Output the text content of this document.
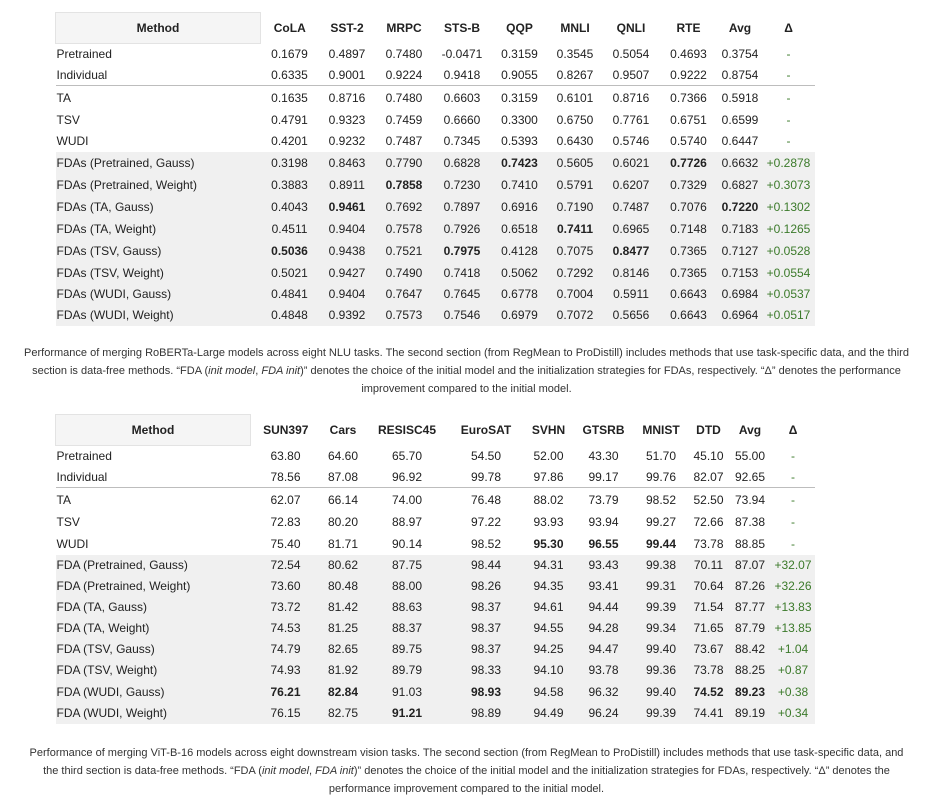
Method	CoLA	SST-2	MRPC	STS-B	QQP	MNLI	QNLI	RTE	Avg	Δ
Pretrained	0.1679	0.4897	0.7480	-0.0471	0.3159	0.3545	0.5054	0.4693	0.3754	-
Individual	0.6335	0.9001	0.9224	0.9418	0.9055	0.8267	0.9507	0.9222	0.8754	-
TA	0.1635	0.8716	0.7480	0.6603	0.3159	0.6101	0.8716	0.7366	0.5918	-
TSV	0.4791	0.9323	0.7459	0.6660	0.3300	0.6750	0.7761	0.6751	0.6599	-
WUDI	0.4201	0.9232	0.7487	0.7345	0.5393	0.6430	0.5746	0.5740	0.6447	-
FDAs (Pretrained, Gauss)	0.3198	0.8463	0.7790	0.6828	0.7423	0.5605	0.6021	0.7726	0.6632	+0.2878
FDAs (Pretrained, Weight)	0.3883	0.8911	0.7858	0.7230	0.7410	0.5791	0.6207	0.7329	0.6827	+0.3073
FDAs (TA, Gauss)	0.4043	0.9461	0.7692	0.7897	0.6916	0.7190	0.7487	0.7076	0.7220	+0.1302
FDAs (TA, Weight)	0.4511	0.9404	0.7578	0.7926	0.6518	0.7411	0.6965	0.7148	0.7183	+0.1265
FDAs (TSV, Gauss)	0.5036	0.9438	0.7521	0.7975	0.4128	0.7075	0.8477	0.7365	0.7127	+0.0528
FDAs (TSV, Weight)	0.5021	0.9427	0.7490	0.7418	0.5062	0.7292	0.8146	0.7365	0.7153	+0.0554
FDAs (WUDI, Gauss)	0.4841	0.9404	0.7647	0.7645	0.6778	0.7004	0.5911	0.6643	0.6984	+0.0537
FDAs (WUDI, Weight)	0.4848	0.9392	0.7573	0.7546	0.6979	0.7072	0.5656	0.6643	0.6964	+0.0517

Performance of merging RoBERTa-Large models across eight NLU tasks. The second section (from RegMean to ProDistill) includes methods that use task-specific data, and the third

section is data-free methods. “FDA (init model, FDA init)” denotes the choice of the initial model and the initialization strategies for FDAs, respectively. “Δ” denotes the performance

improvement compared to the initial model.

Method	SUN397	Cars	RESISC45	EuroSAT	SVHN	GTSRB	MNIST	DTD	Avg	Δ
Pretrained	63.80	64.60	65.70	54.50	52.00	43.30	51.70	45.10	55.00	-
Individual	78.56	87.08	96.92	99.78	97.86	99.17	99.76	82.07	92.65	-
TA	62.07	66.14	74.00	76.48	88.02	73.79	98.52	52.50	73.94	-
TSV	72.83	80.20	88.97	97.22	93.93	93.94	99.27	72.66	87.38	-
WUDI	75.40	81.71	90.14	98.52	95.30	96.55	99.44	73.78	88.85	-
FDA (Pretrained, Gauss)	72.54	80.62	87.75	98.44	94.31	93.43	99.38	70.11	87.07	+32.07
FDA (Pretrained, Weight)	73.60	80.48	88.00	98.26	94.35	93.41	99.31	70.64	87.26	+32.26
FDA (TA, Gauss)	73.72	81.42	88.63	98.37	94.61	94.44	99.39	71.54	87.77	+13.83
FDA (TA, Weight)	74.53	81.25	88.37	98.37	94.55	94.28	99.34	71.65	87.79	+13.85
FDA (TSV, Gauss)	74.79	82.65	89.75	98.37	94.25	94.47	99.40	73.67	88.42	+1.04
FDA (TSV, Weight)	74.93	81.92	89.79	98.33	94.10	93.78	99.36	73.78	88.25	+0.87
FDA (WUDI, Gauss)	76.21	82.84	91.03	98.93	94.58	96.32	99.40	74.52	89.23	+0.38
FDA (WUDI, Weight)	76.15	82.75	91.21	98.89	94.49	96.24	99.39	74.41	89.19	+0.34

Performance of merging ViT-B-16 models across eight downstream vision tasks. The second section (from RegMean to ProDistill) includes methods that use task-specific data, and

the third section is data-free methods. “FDA (init model, FDA init)” denotes the choice of the initial model and the initialization strategies for FDAs, respectively. “Δ” denotes the

performance improvement compared to the initial model.
